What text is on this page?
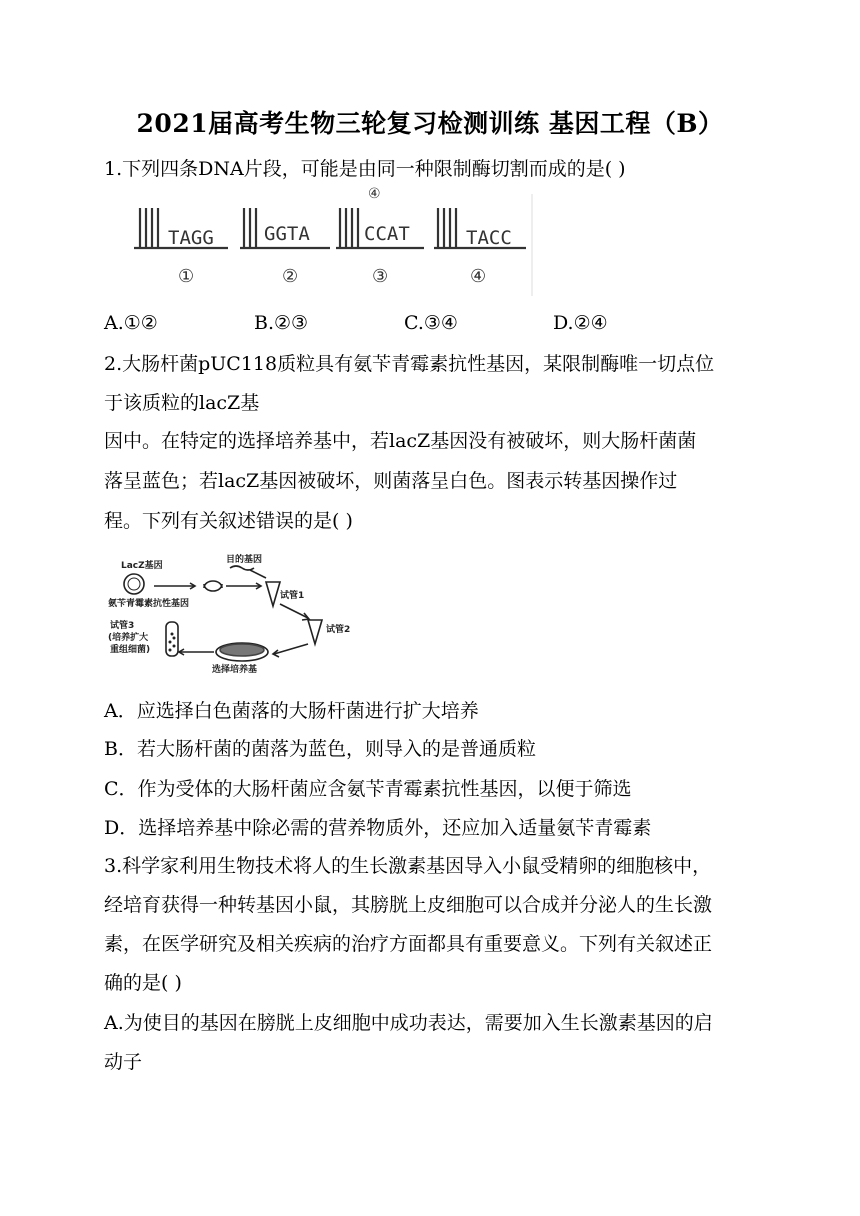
2021届高考生物三轮复习检测训练 基因工程（B）
1.下列四条DNA片段，可能是由同一种限制酶切割而成的是( )
TAGG	GGTA	CCAT	TACC
①	②	③	④
④
A.①②	B.②③	C.③④	D.②④
2.大肠杆菌pUC118质粒具有氨苄青霉素抗性基因，某限制酶唯一切点位
于该质粒的lacZ基
因中。在特定的选择培养基中，若lacZ基因没有被破坏，则大肠杆菌菌
落呈蓝色；若lacZ基因被破坏，则菌落呈白色。图表示转基因操作过
程。下列有关叙述错误的是( )
LacZ基因
氨苄青霉素抗性基因
目的基因
试管1
试管2
试管3
(培养扩大
重组细菌)
选择培养基
A．应选择白色菌落的大肠杆菌进行扩大培养
B．若大肠杆菌的菌落为蓝色，则导入的是普通质粒
C．作为受体的大肠杆菌应含氨苄青霉素抗性基因，以便于筛选
D．选择培养基中除必需的营养物质外，还应加入适量氨苄青霉素
3.科学家利用生物技术将人的生长激素基因导入小鼠受精卵的细胞核中，
经培育获得一种转基因小鼠，其膀胱上皮细胞可以合成并分泌人的生长激
素，在医学研究及相关疾病的治疗方面都具有重要意义。下列有关叙述正
确的是( )
A.为使目的基因在膀胱上皮细胞中成功表达，需要加入生长激素基因的启
动子
